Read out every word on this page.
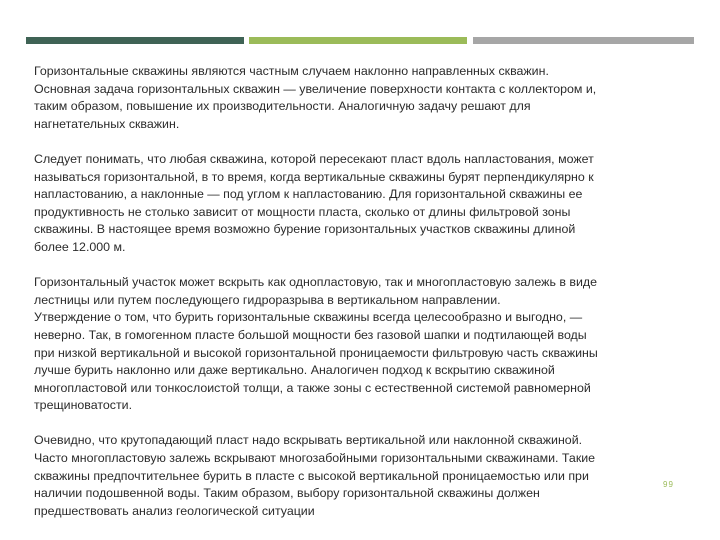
Горизонтальные скважины являются частным случаем наклонно направленных скважин.
Основная задача горизонтальных скважин — увеличение поверхности контакта с коллектором и,
таким образом, повышение их производительности. Аналогичную задачу решают для
нагнетательных скважин.

Следует понимать, что любая скважина, которой пересекают пласт вдоль напластования, может
называться горизонтальной, в то время, когда вертикальные скважины бурят перпендикулярно к
напластованию, а наклонные — под углом к напластованию. Для горизонтальной скважины ее
продуктивность не столько зависит от мощности пласта, сколько от длины фильтровой зоны
скважины. В настоящее время возможно бурение горизонтальных участков скважины длиной
более 12.000 м.

Горизонтальный участок может вскрыть как однопластовую, так и многопластовую залежь в виде
лестницы или путем последующего гидроразрыва в вертикальном направлении.
Утверждение о том, что бурить горизонтальные скважины всегда целесообразно и выгодно, —
неверно. Так, в гомогенном пласте большой мощности без газовой шапки и подтилающей воды
при низкой вертикальной и высокой горизонтальной проницаемости фильтровую часть скважины
лучше бурить наклонно или даже вертикально. Аналогичен подход к вскрытию скважиной
многопластовой или тонкослоистой толщи, а также зоны с естественной системой равномерной
трещиноватости.

Очевидно, что крутопадающий пласт надо вскрывать вертикальной или наклонной скважиной.
Часто многопластовую залежь вскрывают многозабойными горизонтальными скважинами. Такие
скважины предпочтительнее бурить в пласте с высокой вертикальной проницаемостью или при
наличии подошвенной воды. Таким образом, выбору горизонтальной скважины должен
предшествовать анализ геологической ситуации

99
